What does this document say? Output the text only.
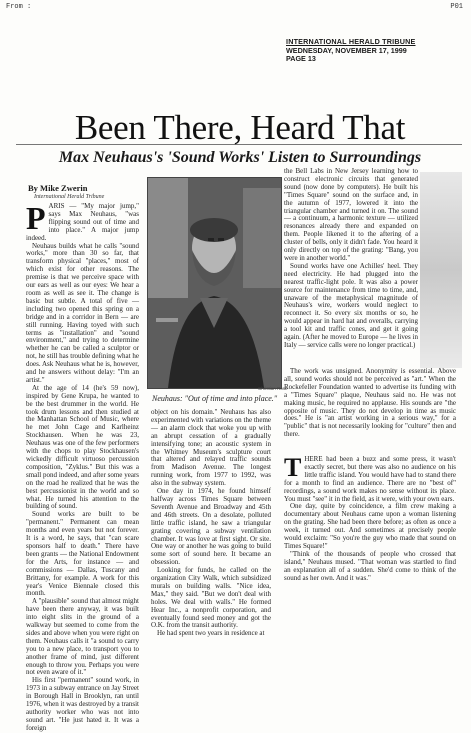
From :	P01
INTERNATIONAL HERALD TRIBUNE
WEDNESDAY, NOVEMBER 17, 1999
PAGE 13
Been There, Heard That
Max Neuhaus's 'Sound Works' Listen to Surroundings
By Mike Zwerin
International Herald Tribune
P ARIS — "My major jump," says Max Neuhaus, "was flipping sound out of time and into place." A major jump indeed.

Neuhaus builds what he calls "sound works," more than 30 so far, that transform physical "places," most of which exist for other reasons. The premise is that we perceive space with our ears as well as our eyes: We hear a room as well as see it. The change is basic but subtle. A total of five — including two opened this spring on a bridge and in a corridor in Bern — are still running. Having toyed with such terms as "installation" and "sound environment," and trying to determine whether he can be called a sculptor or not, he still has trouble defining what he does. Ask Neuhaus what he is, however, and he answers without delay: "I'm an artist."

At the age of 14 (he's 59 now), inspired by Gene Krupa, he wanted to be the best drummer in the world. He took drum lessons and then studied at the Manhattan School of Music, where he met John Cage and Karlheinz Stockhausen. When he was 23, Neuhaus was one of the few performers with the chops to play Stockhausen's wickedly difficult virtuoso percussion composition, "Zyklus." But this was a small pond indeed, and after some years on the road he realized that he was the best percussionist in the world and so what. He turned his attention to the building of sound.

Sound works are built to be "permanent." Permanent can mean months and even years but not forever. It is a word, he says, that "can scare sponsors half to death." There have been grants — the National Endowment for the Arts, for instance — and commissions — Dallas, Tuscany and Brittany, for example. A work for this year's Venice Biennale closed this month.

A "plausible" sound that almost might have been there anyway, it was built into eight slits in the ground of a walkway but seemed to come from the sides and above when you were right on them. Neuhaus calls it "a sound to carry you to a new place, to transport you to another frame of mind, just different enough to throw you. Perhaps you were not even aware of it."

His first "permanent" sound work, in 1973 in a subway entrance on Jay Street in Borough Hall in Brooklyn, ran until 1976, when it was destroyed by a transit authority worker who was not into sound art. "He just hated it. It was a foreign

Christian Rose
Neuhaus: "Out of time and into place."

object on his domain." Neuhaus has also experimented with variations on the theme — an alarm clock that woke you up with an abrupt cessation of a gradually intensifying tone; an acoustic system in the Whitney Museum's sculpture court that altered and relayed traffic sounds from Madison Avenue. The longest running work, from 1977 to 1992, was also in the subway system.

One day in 1974, he found himself halfway across Times Square between Seventh Avenue and Broadway and 45th and 46th streets. On a desolate, polluted little traffic island, he saw a triangular grating covering a subway ventilation chamber. It was love at first sight. Or site. One way or another he was going to build some sort of sound here. It became an obsession.

Looking for funds, he called on the organization City Walk, which subsidized murals on building walls. "Nice idea, Max," they said. "But we don't deal with holes. We deal with walls." He formed Hear Inc., a nonprofit corporation, and eventually found seed money and got the O.K. from the transit authority.

He had spent two years in residence at

the Bell Labs in New Jersey learning how to construct electronic circuits that generated sound (now done by computers). He built his "Times Square" sound on the surface and, in the autumn of 1977, lowered it into the triangular chamber and turned it on. The sound — a continuum, a harmonic texture — utilized resonances already there and expanded on them. People likened it to the aftering of a cluster of bells, only it didn't fade. You heard it only directly on top of the grating: "Bang, you were in another world."

Sound works have one Achilles' heel. They need electricity. He had plugged into the nearest traffic-light pole. It was also a power source for maintenance from time to time, and, unaware of the metaphysical magnitude of Neuhaus's wire, workers would neglect to reconnect it. So every six months or so, he would appear in hard hat and overalls, carrying a tool kit and traffic cones, and get it going again. (After he moved to Europe — he lives in Italy — service calls were no longer practical.)

The work was unsigned. Anonymity is essential. Above all, sound works should not be perceived as "art." When the Rockefeller Foundation wanted to advertise its funding with a "Times Square" plaque, Neuhaus said no. He was not making music, he required no applause. His sounds are "the opposite of music. They do not develop in time as music does." He is "an artist working in a serious way," for a "public" that is not necessarily looking for "culture" then and there.

T HERE had been a buzz and some press, it wasn't exactly secret, but there was also no audience on his little traffic island. You would have had to stand there for a month to find an audience. There are no "best of" recordings, a sound work makes no sense without its place. You must "see" it in the field, as it were, with your own ears.

One day, quite by coincidence, a film crew making a documentary about Neuhaus came upon a woman listening on the grating. She had been there before; as often as once a week, it turned out. And sometimes at precisely people would exclaim: "So you're the guy who made that sound on Times Square!"

"Think of the thousands of people who crossed that island," Neuhaus mused. "That woman was startled to find an explanation all of a sudden. She'd come to think of the sound as her own. And it was."
